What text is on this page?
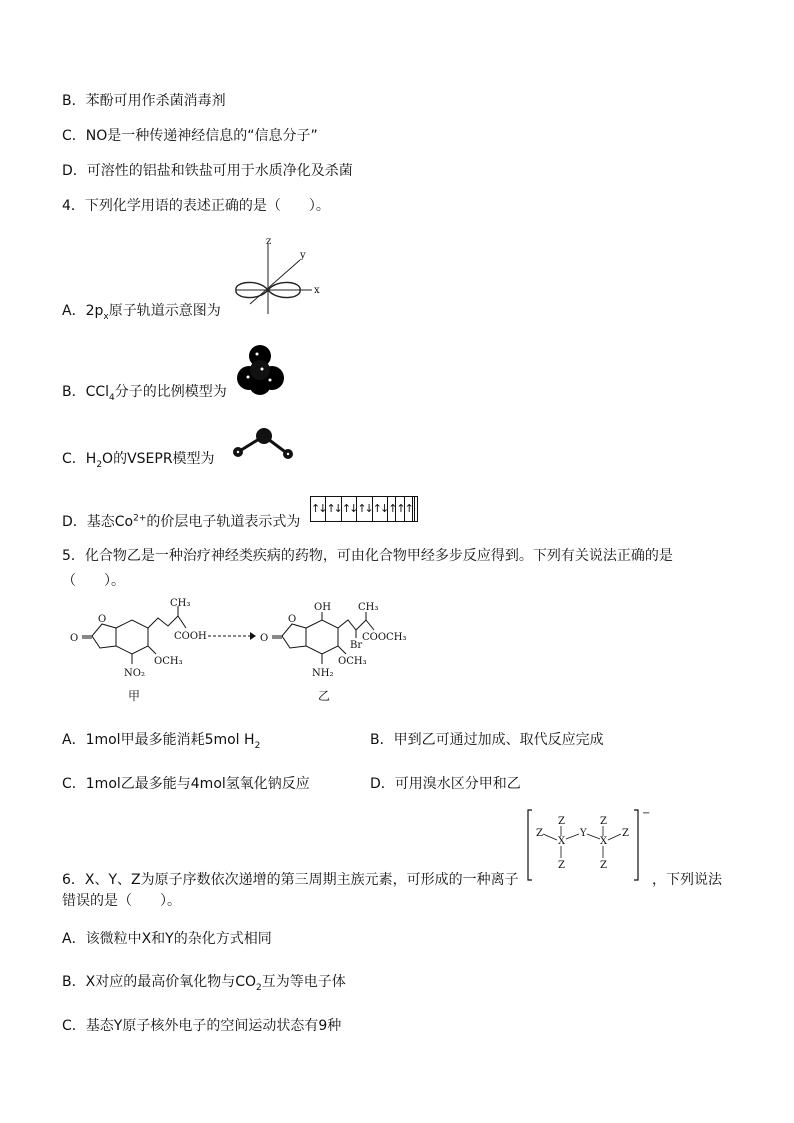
B．苯酚可用作杀菌消毒剂
C．NO是一种传递神经信息的“信息分子”
D．可溶性的铝盐和铁盐可用于水质净化及杀菌
4．下列化学用语的表述正确的是（　　）。
A．$2p_x$原子轨道示意图为
z
y
x
B．CCl$_4$分子的比例模型为
C．$H_2O$的VSEPR模型为
D．基态$Co^{2+}$的价层电子轨道表示式为
↑↓ ↑↓ ↑↓ ↑↓ ↑↓ ↑ ↑ ↑
5．化合物乙是一种治疗神经类疾病的药物，可由化合物甲经多步反应得到。下列有关说法正确的是
（　　）。
O
O
CH₃
COOH
OCH₃
NO₂
甲
→ O
O
OH
Br
CH₃
COOCH₃
OCH₃
NH₂
乙
A．1mol甲最多能消耗5mol $H_2$	B．甲到乙可通过加成、取代反应完成
C．1mol乙最多能与4mol氢氧化钠反应	D．可用溴水区分甲和乙
6．X、Y、Z为原子序数依次递增的第三周期主族元素，可形成的一种离子	，下列说法
错误的是（　　）。
−
X
Z
Z
Z	Y
X
Z
Z
Z
A．该微粒中X和Y的杂化方式相同
B．X对应的最高价氧化物与$CO_2$互为等电子体
C．基态Y原子核外电子的空间运动状态有9种
